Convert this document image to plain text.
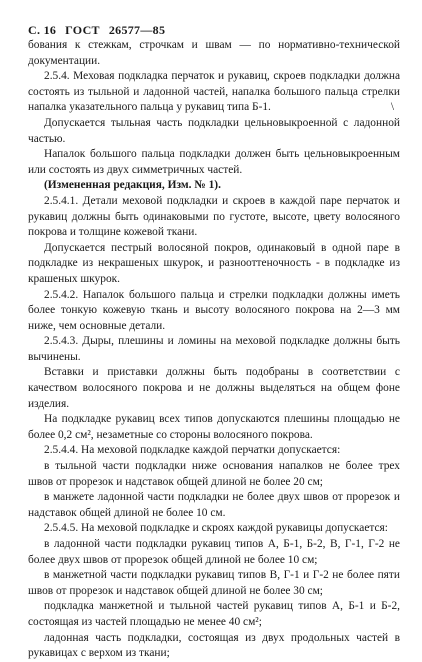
С. 16 ГОСТ 26577—85

бования к стежкам, строчкам и швам — по нормативно-технической документации.

2.5.4. Меховая подкладка перчаток и рукавиц, скроев подкладки должна состоять из тыльной и ладонной частей, напалка большого пальца стрелки напалка указательного пальца у рукавиц типа Б-1.	\

Допускается тыльная часть подкладки цельновыкроенной с ладонной частью.

Напалок большого пальца подкладки должен быть цельновыкроенным или состоять из двух симметричных частей.

(Измененная редакция, Изм. № 1).

2.5.4.1. Детали меховой подкладки и скроев в каждой паре перчаток и рукавиц должны быть одинаковыми по густоте, высоте, цвету волосяного покрова и толщине кожевой ткани.

Допускается пестрый волосяной покров, одинаковый в одной паре в подкладке из некрашеных шкурок, и разнооттеночность - в подкладке из крашеных шкурок.

2.5.4.2. Напалок большого пальца и стрелки подкладки должны иметь более тонкую кожевую ткань и высоту волосяного покрова на 2—3 мм ниже, чем основные детали.

2.5.4.3. Дыры, плешины и ломины на меховой подкладке должны быть вычинены.

Вставки и приставки должны быть подобраны в соответствии с качеством волосяного покрова и не должны выделяться на общем фоне изделия.

На подкладке рукавиц всех типов допускаются плешины площадью не более 0,2 см², незаметные со стороны волосяного покрова.

2.5.4.4. На меховой подкладке каждой перчатки допускается:

в тыльной части подкладки ниже основания напалков не более трех швов от прорезок и надставок общей длиной не более 20 см;

в манжете ладонной части подкладки не более двух швов от прорезок и надставок общей длиной не более 10 см.

2.5.4.5. На меховой подкладке и скроях каждой рукавицы допускается:

в ладонной части подкладки рукавиц типов А, Б-1, Б-2, В, Г-1, Г-2 не более двух швов от прорезок общей длиной не более 10 см;

в манжетной части подкладки рукавиц типов В, Г-1 и Г-2 не более пяти швов от прорезок и надставок общей длиной не более 30 см;

подкладка манжетной и тыльной частей рукавиц типов А, Б-1 и Б-2, состоящая из частей площадью не менее 40 см²;

ладонная часть подкладки, состоящая из двух продольных частей в рукавицах с верхом из ткани;
